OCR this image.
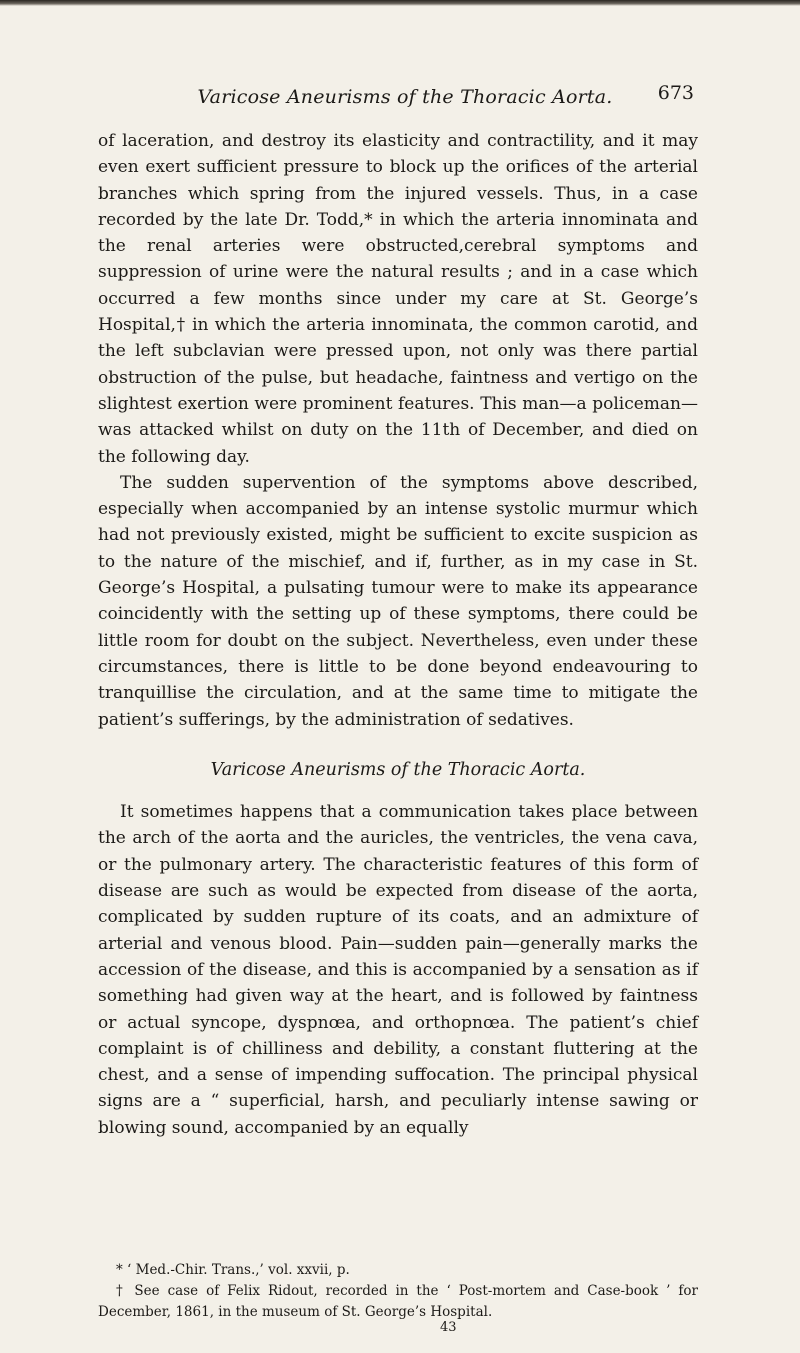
Varicose Aneurisms of the Thoracic Aorta.	673

of laceration, and destroy its elasticity and contractility, and it may even exert sufficient pressure to block up the orifices of the arterial branches which spring from the injured vessels. Thus, in a case recorded by the late Dr. Todd,* in which the arteria innominata and the renal arteries were obstructed,cerebral symptoms and suppression of urine were the natural results ; and in a case which occurred a few months since under my care at St. George’s Hospital,† in which the arteria innominata, the common carotid, and the left subclavian were pressed upon, not only was there partial obstruction of the pulse, but headache, faintness and vertigo on the slightest exertion were prominent features. This man—a policeman—was attacked whilst on duty on the 11th of December, and died on the following day.

The sudden supervention of the symptoms above described, especially when accompanied by an intense systolic murmur which had not previously existed, might be sufficient to excite suspicion as to the nature of the mischief, and if, further, as in my case in St. George’s Hospital, a pulsating tumour were to make its appearance coincidently with the setting up of these symptoms, there could be little room for doubt on the subject. Nevertheless, even under these circumstances, there is little to be done beyond endeavouring to tranquillise the circulation, and at the same time to mitigate the patient’s sufferings, by the administration of sedatives.

Varicose Aneurisms of the Thoracic Aorta.

It sometimes happens that a communication takes place between the arch of the aorta and the auricles, the ventricles, the vena cava, or the pulmonary artery. The characteristic features of this form of disease are such as would be expected from disease of the aorta, complicated by sudden rupture of its coats, and an admixture of arterial and venous blood. Pain—sudden pain—generally marks the accession of the disease, and this is accompanied by a sensation as if something had given way at the heart, and is followed by faintness or actual syncope, dyspnœa, and orthopnœa. The patient’s chief complaint is of chilliness and debility, a constant fluttering at the chest, and a sense of impending suffocation. The principal physical signs are a “ superficial, harsh, and peculiarly intense sawing or blowing sound, accompanied by an equally

* ‘ Med.-Chir. Trans.,’ vol. xxvii, p.

† See case of Felix Ridout, recorded in the ‘ Post-mortem and Case-book ’ for December, 1861, in the museum of St. George’s Hospital.

43
